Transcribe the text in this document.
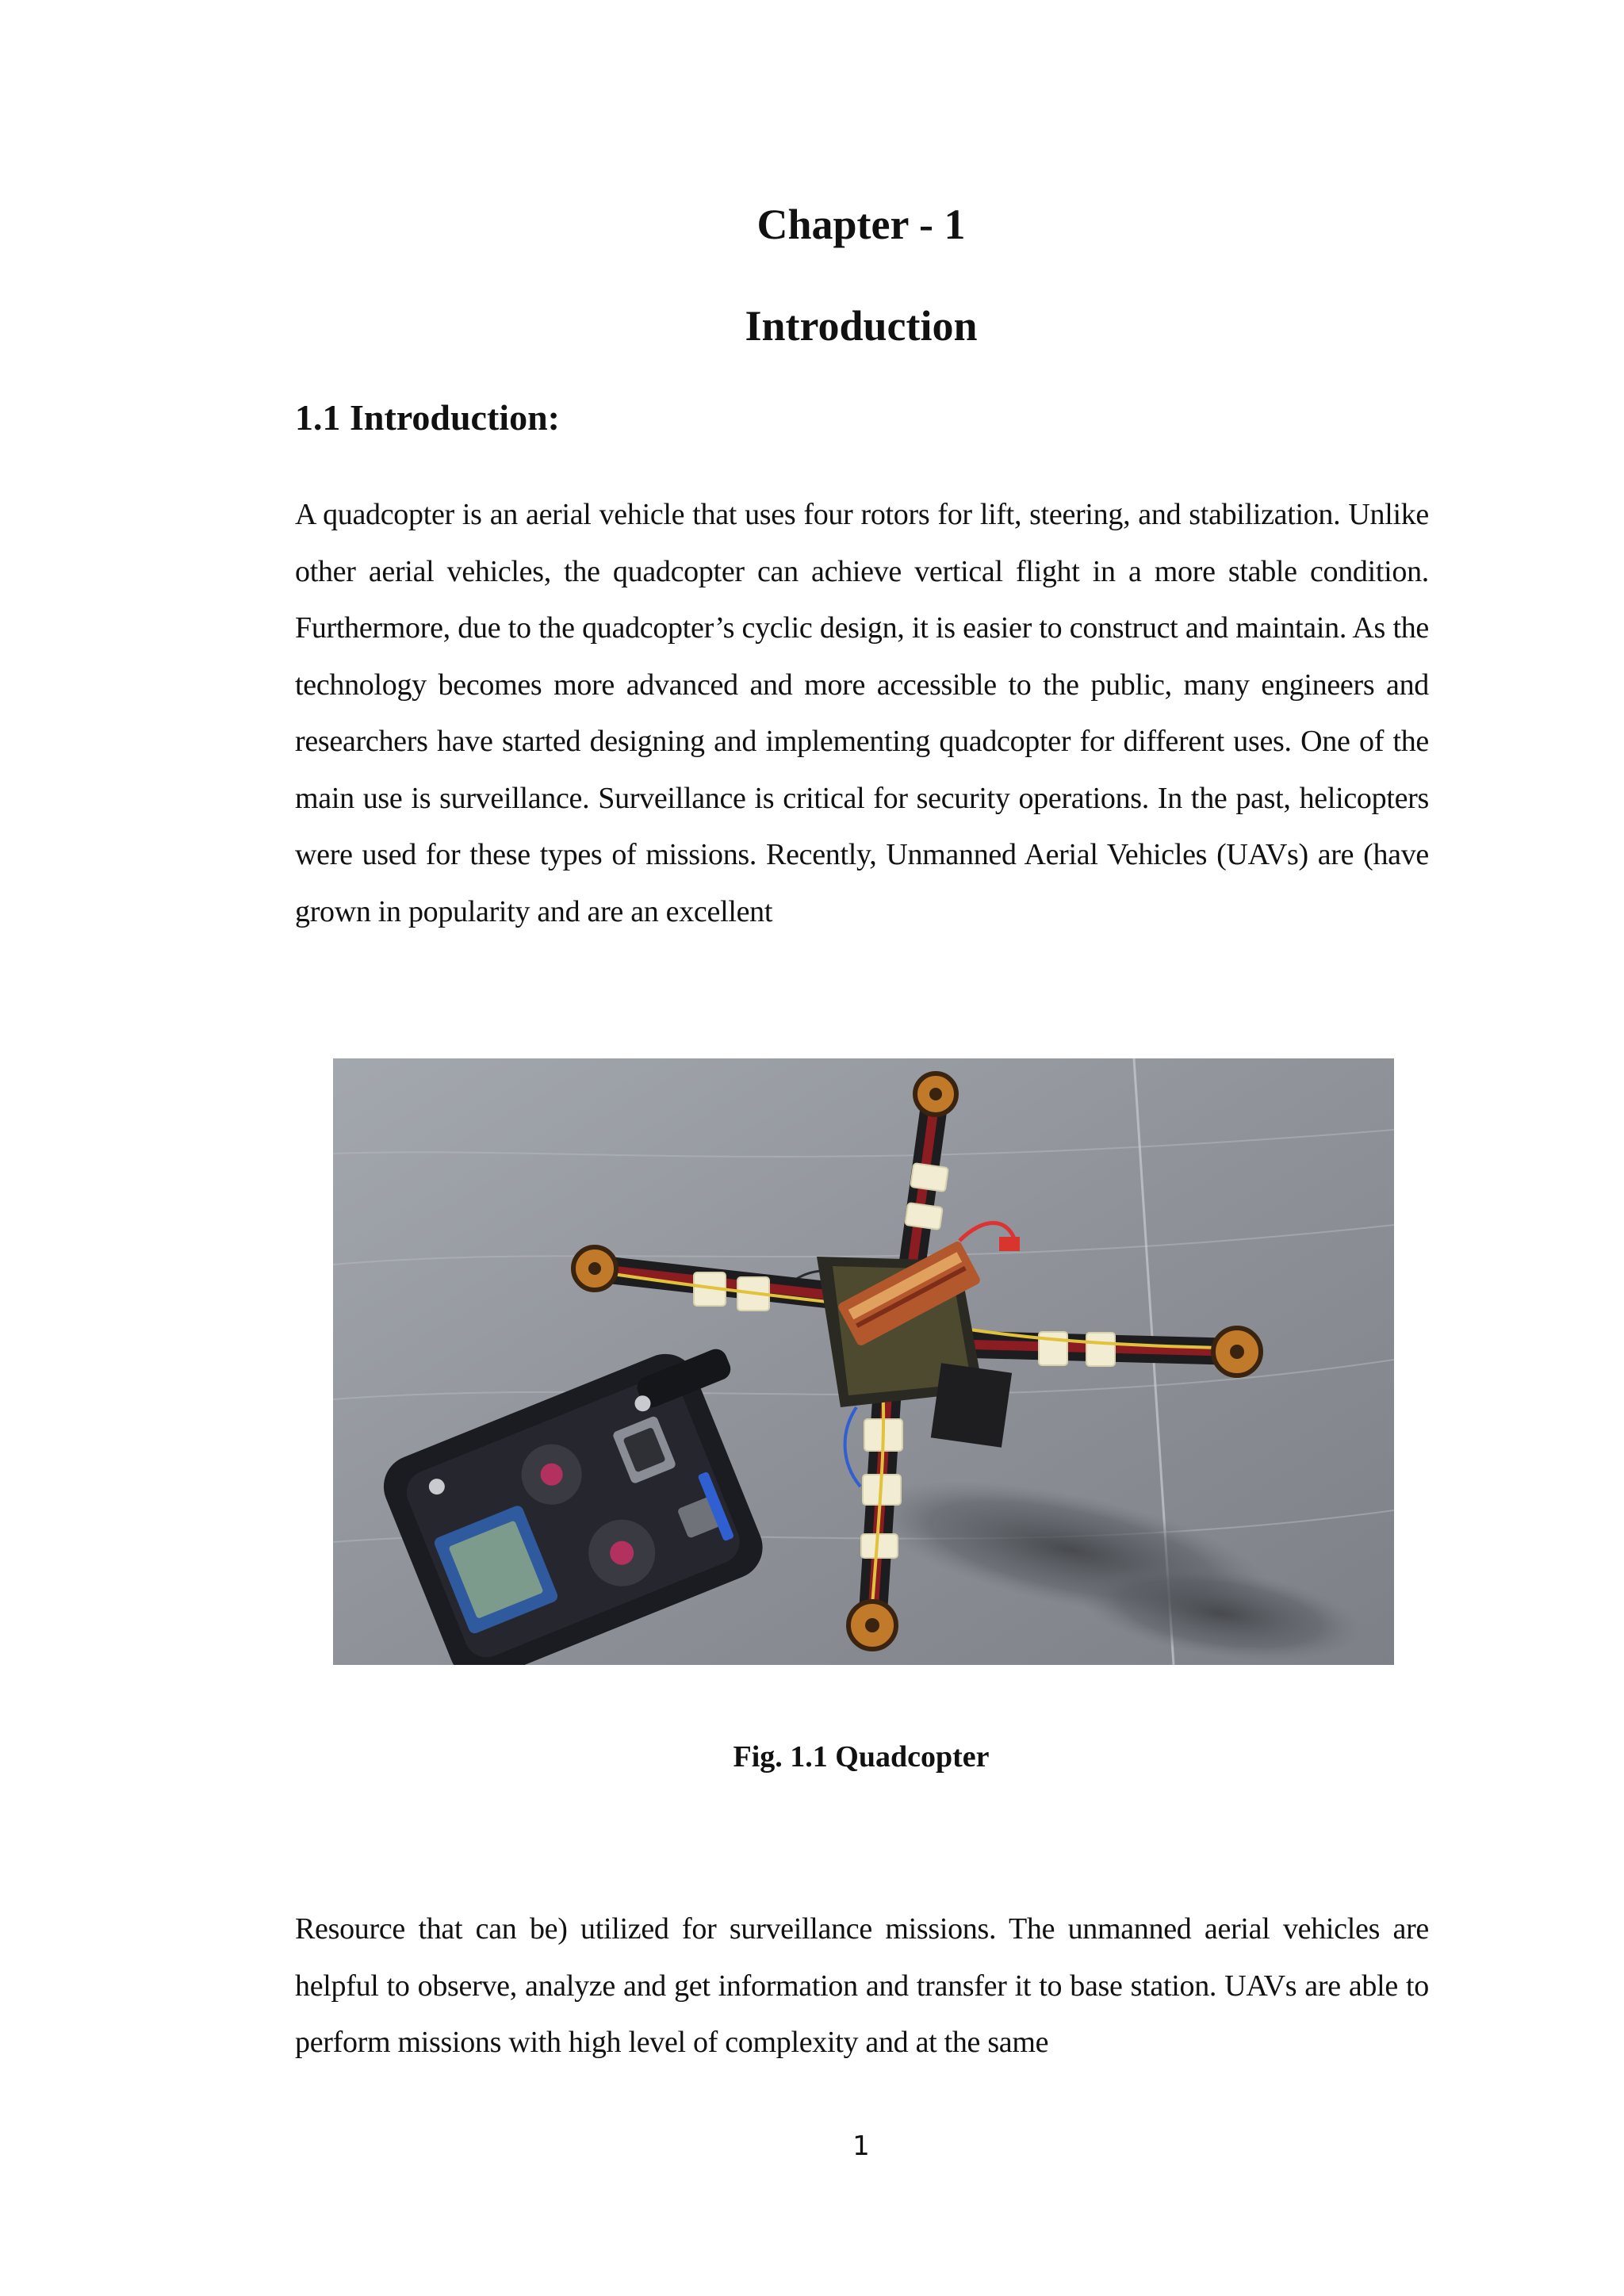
Chapter - 1
Introduction
1.1 Introduction:

A quadcopter is an aerial vehicle that uses four rotors for lift, steering, and stabilization. Unlike other aerial vehicles, the quadcopter can achieve vertical flight in a more stable condition. Furthermore, due to the quadcopter’s cyclic design, it is easier to construct and maintain. As the technology becomes more advanced and more accessible to the public, many engineers and researchers have started designing and implementing quadcopter for different uses. One of the main use is surveillance. Surveillance is critical for security operations. In the past, helicopters were used for these types of missions. Recently, Unmanned Aerial Vehicles (UAVs) are (have grown in popularity and are an excellent

Fig. 1.1 Quadcopter

Resource that can be) utilized for surveillance missions. The unmanned aerial vehicles are helpful to observe, analyze and get information and transfer it to base station. UAVs are able to perform missions with high level of complexity and at the same

1
